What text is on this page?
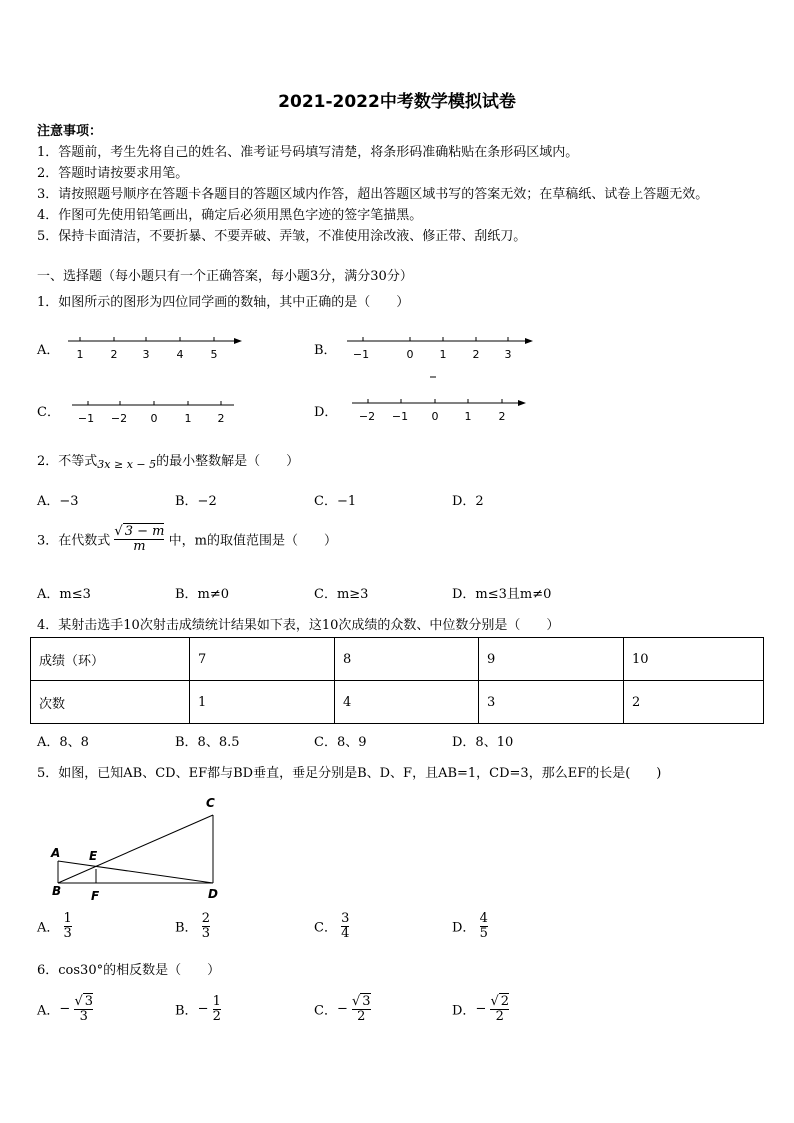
2021-2022中考数学模拟试卷
注意事项：
1．答题前，考生先将自己的姓名、准考证号码填写清楚，将条形码准确粘贴在条形码区域内。
2．答题时请按要求用笔。
3．请按照题号顺序在答题卡各题目的答题区域内作答，超出答题区域书写的答案无效；在草稿纸、试卷上答题无效。
4．作图可先使用铅笔画出，确定后必须用黑色字迹的签字笔描黑。
5．保持卡面清洁，不要折暴、不要弄破、弄皱，不准使用涂改液、修正带、刮纸刀。
一、选择题（每小题只有一个正确答案，每小题3分，满分30分）
1．如图所示的图形为四位同学画的数轴，其中正确的是（　　）
A． 1 2 3 4 5	B． −1	0 1 2 3
C． −1 −2 0 1 2	D． −2 −1 0 1 2
2．不等式$_{3𝑥 \ge 𝑥 - 5}$的最小整数解是（　　）
A．−3	B．−2	C．−1	D．2
3．在代数式 $\frac{√ 3 - m}{m}$ 中，m的取值范围是（　　）
A．m≤3	B．m≠0	C．m≥3	D．m≤3且m≠0
4．某射击选手10次射击成绩统计结果如下表，这10次成绩的众数、中位数分别是（　　）
成绩（环）	7	8	9	10
次数	1	4	3	2
A．8、8	B．8、8.5	C．8、9	D．8、10
5．如图，已知AB、CD、EF都与BD垂直，垂足分别是B、D、F，且AB=1，CD=3，那么EF的长是(　　)
A
B
C
D
E
F
A． $\frac{1}{3}$	B． $\frac{2}{3}$	C． $\frac{3}{4}$	D． $\frac{4}{5}$
6．cos30°的相反数是（　　）
A．− $\frac{√ 3}{3}$	B．− $\frac{1}{2}$	C．− $\frac{√ 3}{2}$	D．− $\frac{√ 2}{2}$
